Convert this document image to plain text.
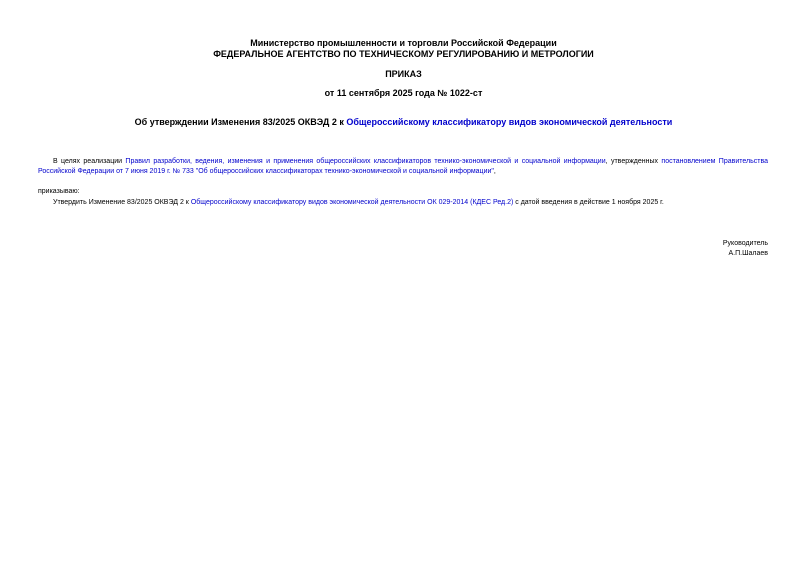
Министерство промышленности и торговли Российской Федерации
ФЕДЕРАЛЬНОЕ АГЕНТСТВО ПО ТЕХНИЧЕСКОМУ РЕГУЛИРОВАНИЮ И МЕТРОЛОГИИ
ПРИКАЗ
от 11 сентября 2025 года № 1022-ст
Об утверждении Изменения 83/2025 ОКВЭД 2 к Общероссийскому классификатору видов экономической деятельности
В целях реализации Правил разработки, ведения, изменения и применения общероссийских классификаторов технико-экономической и социальной информации, утвержденных постановлением Правительства Российской Федерации от 7 июня 2019 г. № 733 "Об общероссийских классификаторах технико-экономической и социальной информации",
приказываю:
Утвердить Изменение 83/2025 ОКВЭД 2 к Общероссийскому классификатору видов экономической деятельности ОК 029-2014 (КДЕС Ред.2) с датой введения в действие 1 ноября 2025 г.
Руководитель
А.П.Шалаев
